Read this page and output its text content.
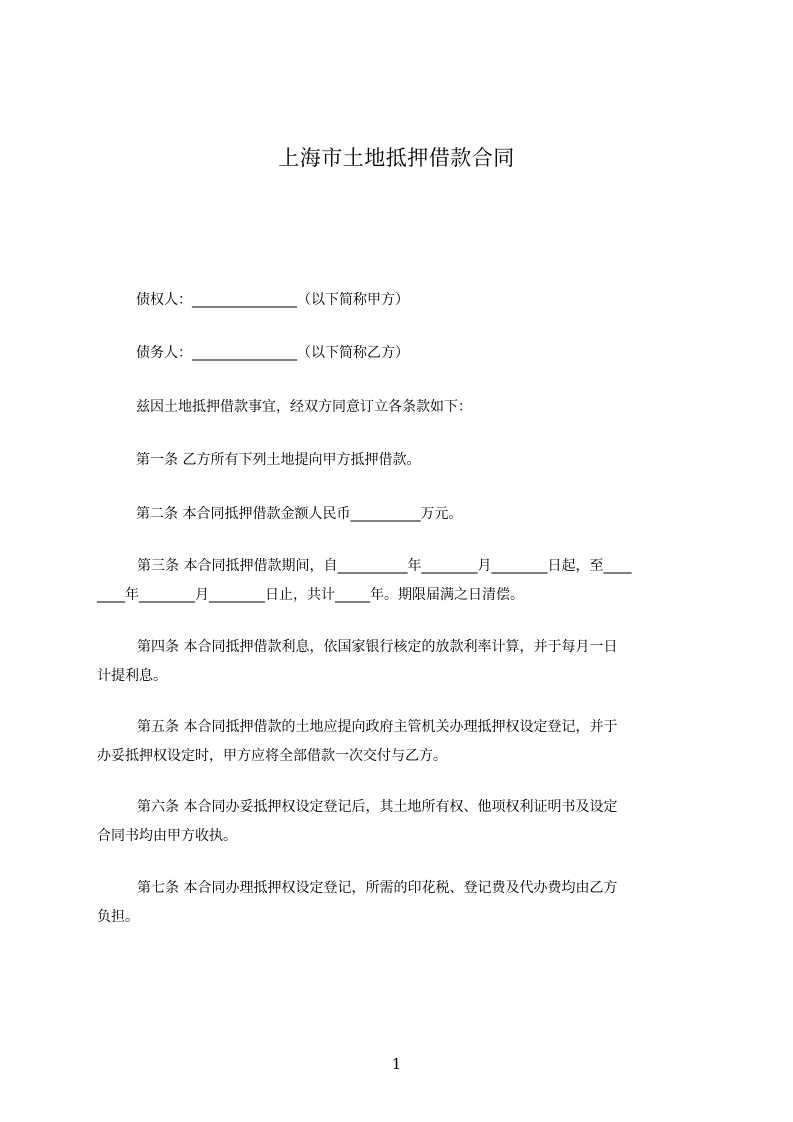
上海市土地抵押借款合同
债权人：_______________（以下简称甲方）
债务人：_______________（以下简称乙方）
兹因土地抵押借款事宜，经双方同意订立各条款如下：
第一条 乙方所有下列土地提向甲方抵押借款。
第二条 本合同抵押借款金额人民币__________万元。
第三条 本合同抵押借款期间，自__________年________月________日起，至____
____年________月________日止，共计_____年。期限届满之日清偿。
第四条 本合同抵押借款利息，依国家银行核定的放款利率计算，并于每月一日
计提利息。
第五条 本合同抵押借款的土地应提向政府主管机关办理抵押权设定登记，并于
办妥抵押权设定时，甲方应将全部借款一次交付与乙方。
第六条 本合同办妥抵押权设定登记后，其土地所有权、他项权利证明书及设定
合同书均由甲方收执。
第七条 本合同办理抵押权设定登记，所需的印花税、登记费及代办费均由乙方
负担。
1
